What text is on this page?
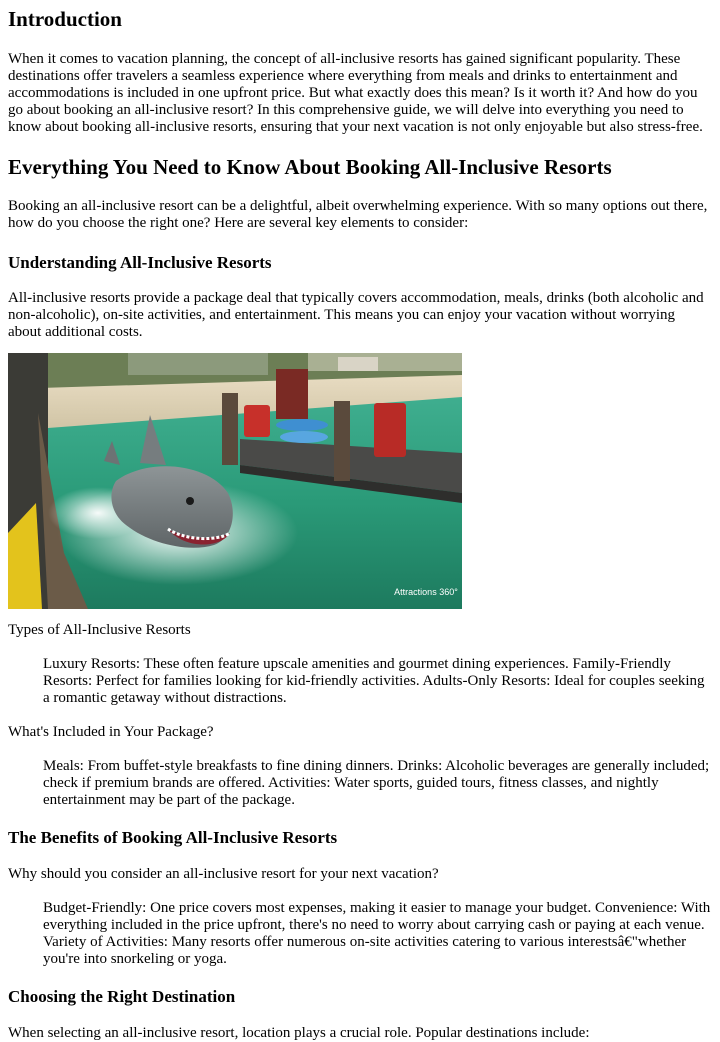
Introduction

When it comes to vacation planning, the concept of all-inclusive resorts has gained significant popularity. These destinations offer travelers a seamless experience where everything from meals and drinks to entertainment and accommodations is included in one upfront price. But what exactly does this mean? Is it worth it? And how do you go about booking an all-inclusive resort? In this comprehensive guide, we will delve into everything you need to know about booking all-inclusive resorts, ensuring that your next vacation is not only enjoyable but also stress-free.

Everything You Need to Know About Booking All-Inclusive Resorts

Booking an all-inclusive resort can be a delightful, albeit overwhelming experience. With so many options out there, how do you choose the right one? Here are several key elements to consider:

Understanding All-Inclusive Resorts

All-inclusive resorts provide a package deal that typically covers accommodation, meals, drinks (both alcoholic and non-alcoholic), on-site activities, and entertainment. This means you can enjoy your vacation without worrying about additional costs.

Attractions 360°

Types of All-Inclusive Resorts

Luxury Resorts: These often feature upscale amenities and gourmet dining experiences. Family-Friendly Resorts: Perfect for families looking for kid-friendly activities. Adults-Only Resorts: Ideal for couples seeking a romantic getaway without distractions.

What's Included in Your Package?

Meals: From buffet-style breakfasts to fine dining dinners. Drinks: Alcoholic beverages are generally included; check if premium brands are offered. Activities: Water sports, guided tours, fitness classes, and nightly entertainment may be part of the package.

The Benefits of Booking All-Inclusive Resorts

Why should you consider an all-inclusive resort for your next vacation?

Budget-Friendly: One price covers most expenses, making it easier to manage your budget. Convenience: With everything included in the price upfront, there's no need to worry about carrying cash or paying at each venue. Variety of Activities: Many resorts offer numerous on-site activities catering to various interestsâ€"whether you're into snorkeling or yoga.

Choosing the Right Destination

When selecting an all-inclusive resort, location plays a crucial role. Popular destinations include:
